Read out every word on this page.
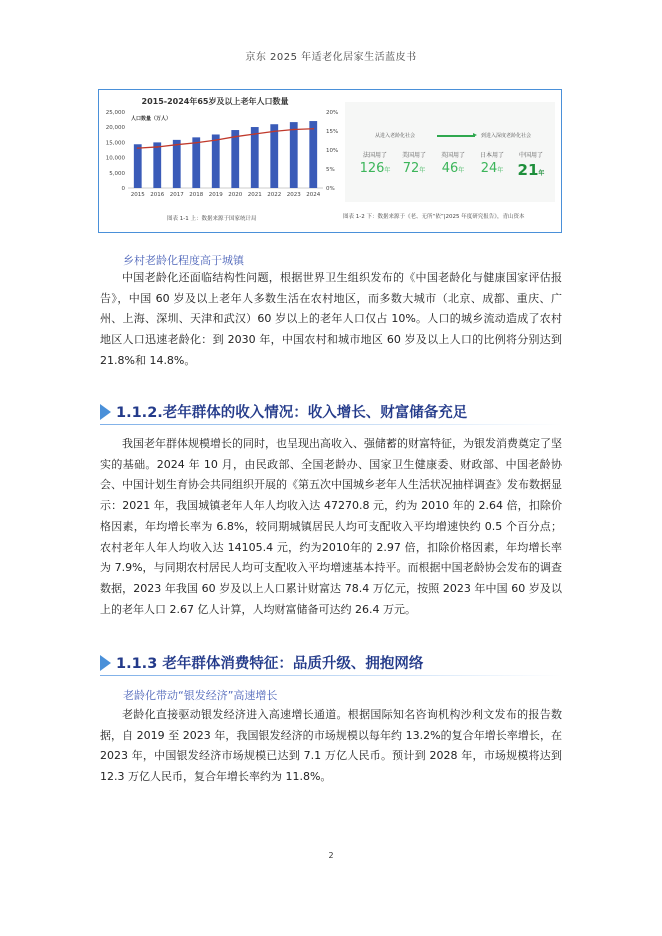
京东 2025 年适老化居家生活蓝皮书
2015-2024年65岁及以上老年人口数量
人口数量（万人）
0
5,000
10,000
15,000
20,000
25,000
0%
5%
10%
15%
20%
2015 2016 2017 2018 2019 2020 2021 2022 2023 2024
从进入老龄化社会	到进入深度老龄化社会
法国用了
126年
美国用了
72年
英国用了
46年
日本用了
24年
中国用了
21年
图表 1-1 上：数据来源于国家统计局	图表 1-2 下：数据来源于《老、无所“依”|2025 年度研究报告》，青山资本
乡村老龄化程度高于城镇
中国老龄化还面临结构性问题，根据世界卫生组织发布的《中国老龄化与健康国家评估报告》，中国 60 岁及以上老年人多数生活在农村地区，而多数大城市（北京、成都、重庆、广州、上海、深圳、天津和武汉）60 岁以上的老年人口仅占 10%。人口的城乡流动造成了农村地区人口迅速老龄化：到 2030 年，中国农村和城市地区 60 岁及以上人口的比例将分别达到 21.8%和 14.8%。
1.1.2.老年群体的收入情况：收入增长、财富储备充足
我国老年群体规模增长的同时，也呈现出高收入、强储蓄的财富特征，为银发消费奠定了坚实的基础。2024 年 10 月，由民政部、全国老龄办、国家卫生健康委、财政部、中国老龄协会、中国计划生育协会共同组织开展的《第五次中国城乡老年人生活状况抽样调查》发布数据显示：2021 年，我国城镇老年人年人均收入达 47270.8 元，约为 2010 年的 2.64 倍，扣除价格因素，年均增长率为 6.8%，较同期城镇居民人均可支配收入平均增速快约 0.5 个百分点；农村老年人年人均收入达 14105.4 元，约为2010年的 2.97 倍，扣除价格因素，年均增长率为 7.9%，与同期农村居民人均可支配收入平均增速基本持平。而根据中国老龄协会发布的调查数据，2023 年我国 60 岁及以上人口累计财富达 78.4 万亿元，按照 2023 年中国 60 岁及以上的老年人口 2.67 亿人计算，人均财富储备可达约 26.4 万元。
1.1.3 老年群体消费特征：品质升级、拥抱网络
老龄化带动“银发经济”高速增长
老龄化直接驱动银发经济进入高速增长通道。根据国际知名咨询机构沙利文发布的报告数据，自 2019 至 2023 年，我国银发经济的市场规模以每年约 13.2%的复合年增长率增长，在 2023 年，中国银发经济市场规模已达到 7.1 万亿人民币。预计到 2028 年，市场规模将达到 12.3 万亿人民币，复合年增长率约为 11.8%。
2
